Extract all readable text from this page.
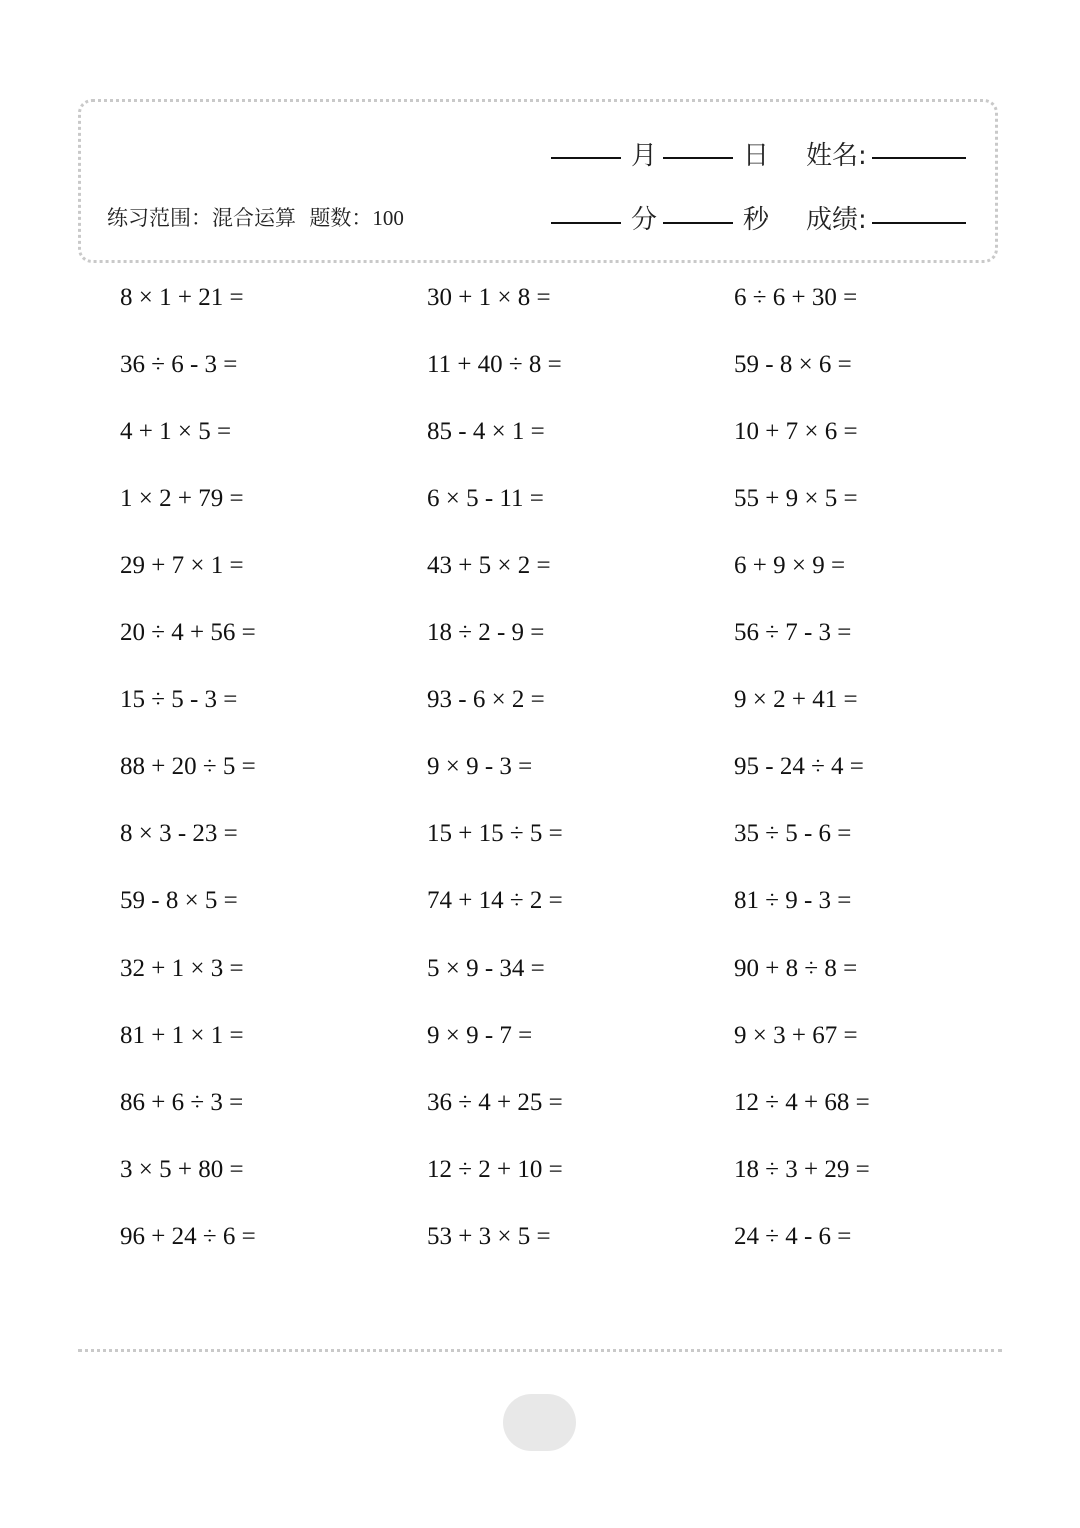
月	日 姓名:
分	秒 成绩:
练习范围：混合运算 题数：100
8 × 1 + 21 =	30 + 1 × 8 =	6 ÷ 6 + 30 =
36 ÷ 6 - 3 =	11 + 40 ÷ 8 =	59 - 8 × 6 =
4 + 1 × 5 =	85 - 4 × 1 =	10 + 7 × 6 =
1 × 2 + 79 =	6 × 5 - 11 =	55 + 9 × 5 =
29 + 7 × 1 =	43 + 5 × 2 =	6 + 9 × 9 =
20 ÷ 4 + 56 =	18 ÷ 2 - 9 =	56 ÷ 7 - 3 =
15 ÷ 5 - 3 =	93 - 6 × 2 =	9 × 2 + 41 =
88 + 20 ÷ 5 =	9 × 9 - 3 =	95 - 24 ÷ 4 =
8 × 3 - 23 =	15 + 15 ÷ 5 =	35 ÷ 5 - 6 =
59 - 8 × 5 =	74 + 14 ÷ 2 =	81 ÷ 9 - 3 =
32 + 1 × 3 =	5 × 9 - 34 =	90 + 8 ÷ 8 =
81 + 1 × 1 =	9 × 9 - 7 =	9 × 3 + 67 =
86 + 6 ÷ 3 =	36 ÷ 4 + 25 =	12 ÷ 4 + 68 =
3 × 5 + 80 =	12 ÷ 2 + 10 =	18 ÷ 3 + 29 =
96 + 24 ÷ 6 =	53 + 3 × 5 =	24 ÷ 4 - 6 =
